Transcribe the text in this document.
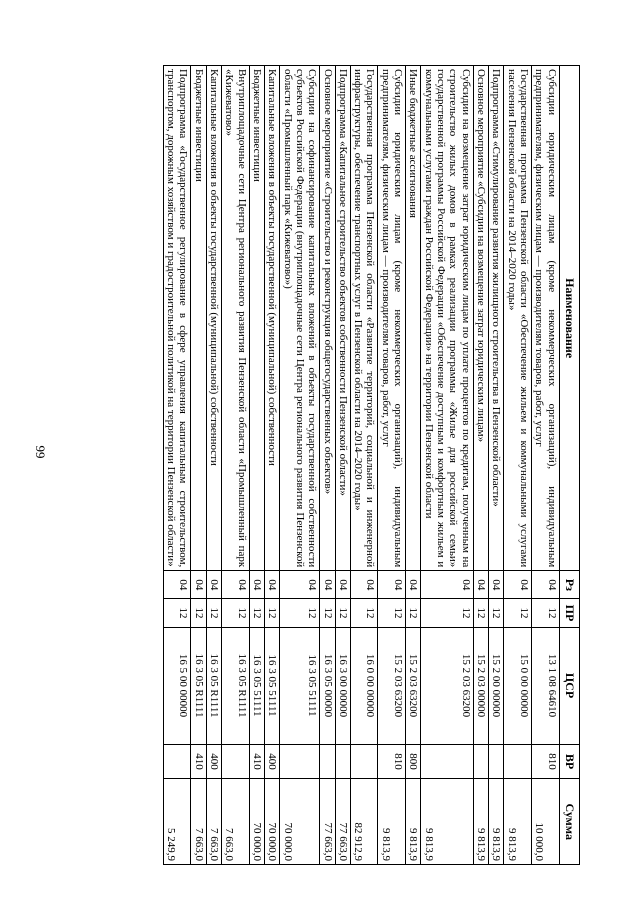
99
Наименование	Рз	ПР	ЦСР	ВР	Сумма
Субсидии юридическим лицам (кроме некоммерческих организаций), индивидуальным предпринимателям, физическим лицам — производителям товаров, работ, услуг	04	12	13 1 08 64610	810	10 000,0
Государственная программа Пензенской области «Обеспечение жильем и коммунальными услугами населения Пензенской области на 2014–2020 годы»	04	12	15 0 00 00000		9 813,9
Подпрограмма «Стимулирование развития жилищного строительства в Пензенской области»	04	12	15 2 00 00000		9 813,9
Основное мероприятие «Субсидии на возмещение затрат юридическим лицам»	04	12	15 2 03 00000		9 813,9
Субсидии на возмещение затрат юридическим лицам по уплате процентов по кредитам, полученным на строительство жилых домов в рамках реализации программы «Жилье для российской семьи» государственной программы Российской Федерации «Обеспечение доступным и комфортным жильем и коммунальными услугами граждан Российской Федерации» на территории Пензенской области	04	12	15 2 03 63200		9 813,9
Иные бюджетные ассигнования	04	12	15 2 03 63200	800	9 813,9
Субсидии юридическим лицам (кроме некоммерческих организаций), индивидуальным предпринимателям, физическим лицам — производителям товаров, работ, услуг	04	12	15 2 03 63200	810	9 813,9
Государственная программа Пензенской области «Развитие территорий, социальной и инженерной инфраструктуры, обеспечение транспортных услуг в Пензенской области на 2014–2020 годы»	04	12	16 0 00 00000		82 912,9
Подпрограмма «Капитальное строительство объектов собственности Пензенской области»	04	12	16 3 00 00000		77 663,0
Основное мероприятие «Строительство и реконструкция общегосударственных объектов»	04	12	16 3 05 00000		77 663,0
Субсидии на софинансирование капитальных вложений в объекты государственной собственности субъектов Российской Федерации (внутриплощадочные сети Центра регионального развития Пензенской области «Промышленный парк «Кижеватово»)	04	12	16 3 05 51111		70 000,0
Капитальные вложения в объекты государственной (муниципальной) собственности	04	12	16 3 05 51111	400	70 000,0
Бюджетные инвестиции	04	12	16 3 05 51111	410	70 000,0
Внутриплощадочные сети Центра регионального развития Пензенской области «Промышленный парк «Кижеватово»	04	12	16 3 05 R1111		7 663,0
Капитальные вложения в объекты государственной (муниципальной) собственности	04	12	16 3 05 R1111	400	7 663,0
Бюджетные инвестиции	04	12	16 3 05 R1111	410	7 663,0
Подпрограмма «Государственное регулирование в сфере управления капитальным строительством, транспортом, дорожным хозяйством и градостроительной политикой на территории Пензенской области»	04	12	16 5 00 00000		5 249,9
